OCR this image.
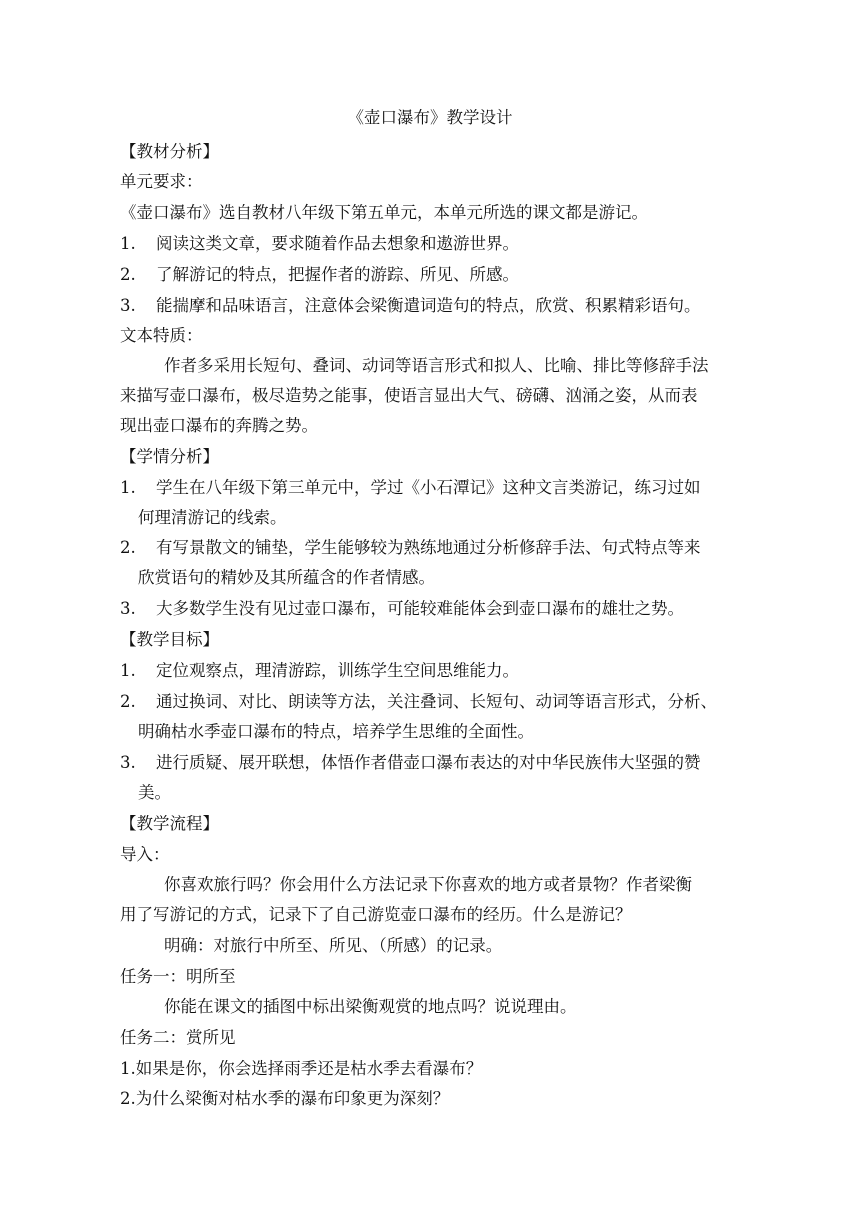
《壶口瀑布》教学设计
【教材分析】
单元要求：
《壶口瀑布》选自教材八年级下第五单元，本单元所选的课文都是游记。
1. 阅读这类文章，要求随着作品去想象和遨游世界。
2. 了解游记的特点，把握作者的游踪、所见、所感。
3. 能揣摩和品味语言，注意体会梁衡遣词造句的特点，欣赏、积累精彩语句。
文本特质：
作者多采用长短句、叠词、动词等语言形式和拟人、比喻、排比等修辞手法
来描写壶口瀑布，极尽造势之能事，使语言显出大气、磅礴、汹涌之姿，从而表
现出壶口瀑布的奔腾之势。
【学情分析】
1. 学生在八年级下第三单元中，学过《小石潭记》这种文言类游记，练习过如
何理清游记的线索。
2. 有写景散文的铺垫，学生能够较为熟练地通过分析修辞手法、句式特点等来
欣赏语句的精妙及其所蕴含的作者情感。
3. 大多数学生没有见过壶口瀑布，可能较难能体会到壶口瀑布的雄壮之势。
【教学目标】
1. 定位观察点，理清游踪，训练学生空间思维能力。
2. 通过换词、对比、朗读等方法，关注叠词、长短句、动词等语言形式，分析、
明确枯水季壶口瀑布的特点，培养学生思维的全面性。
3. 进行质疑、展开联想，体悟作者借壶口瀑布表达的对中华民族伟大坚强的赞
美。
【教学流程】
导入：
你喜欢旅行吗？你会用什么方法记录下你喜欢的地方或者景物？作者梁衡
用了写游记的方式，记录下了自己游览壶口瀑布的经历。什么是游记？
明确：对旅行中所至、所见、（所感）的记录。
任务一：明所至
你能在课文的插图中标出梁衡观赏的地点吗？说说理由。
任务二：赏所见
1.如果是你，你会选择雨季还是枯水季去看瀑布？
2.为什么梁衡对枯水季的瀑布印象更为深刻？
